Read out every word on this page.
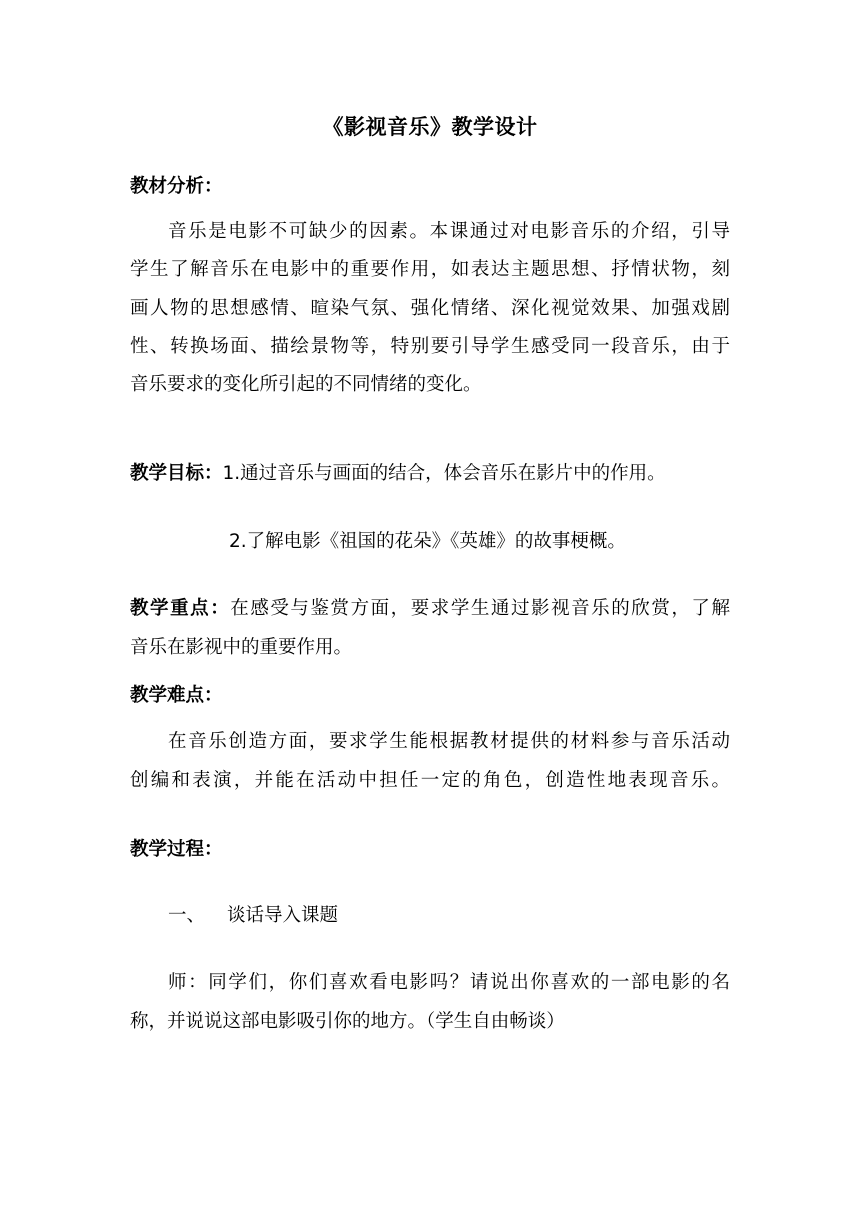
《影视音乐》教学设计
教材分析：
音乐是电影不可缺少的因素。本课通过对电影音乐的介绍，引导
学生了解音乐在电影中的重要作用，如表达主题思想、抒情状物，刻
画人物的思想感情、暄染气氛、强化情绪、深化视觉效果、加强戏剧
性、转换场面、描绘景物等，特别要引导学生感受同一段音乐，由于
音乐要求的变化所引起的不同情绪的变化。
教学目标：1.通过音乐与画面的结合，体会音乐在影片中的作用。
2.了解电影《祖国的花朵》《英雄》的故事梗概。
教学重点：在感受与鉴赏方面，要求学生通过影视音乐的欣赏，了解
音乐在影视中的重要作用。
教学难点：
在音乐创造方面，要求学生能根据教材提供的材料参与音乐活动
创编和表演，并能在活动中担任一定的角色，创造性地表现音乐。
教学过程：
一、 谈话导入课题
师：同学们，你们喜欢看电影吗？请说出你喜欢的一部电影的名
称，并说说这部电影吸引你的地方。（学生自由畅谈）
